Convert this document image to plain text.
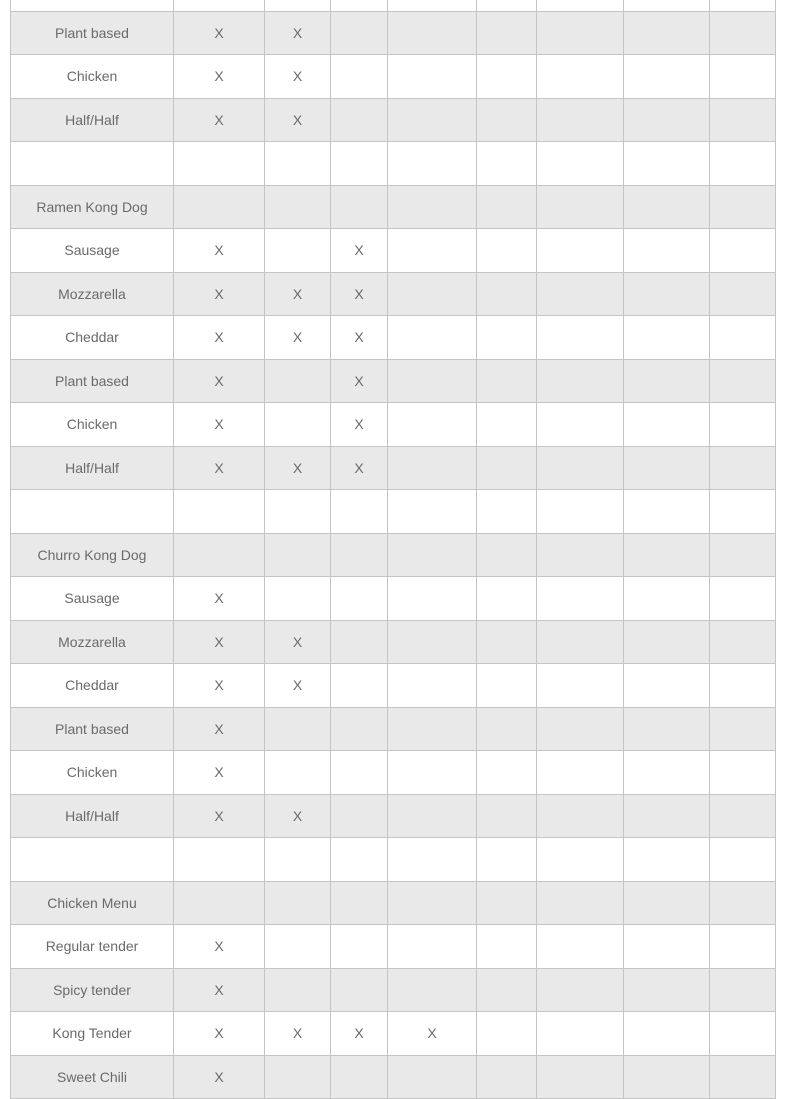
Plant based	X	X						
Chicken	X	X						
Half/Half	X	X						

Ramen Kong Dog								
Sausage	X		X					
Mozzarella	X	X	X					
Cheddar	X	X	X					
Plant based	X		X					
Chicken	X		X					
Half/Half	X	X	X					

Churro Kong Dog								
Sausage	X							
Mozzarella	X	X						
Cheddar	X	X						
Plant based	X							
Chicken	X							
Half/Half	X	X						

Chicken Menu								
Regular tender	X							
Spicy tender	X							
Kong Tender	X	X	X	X				
Sweet Chili	X							
